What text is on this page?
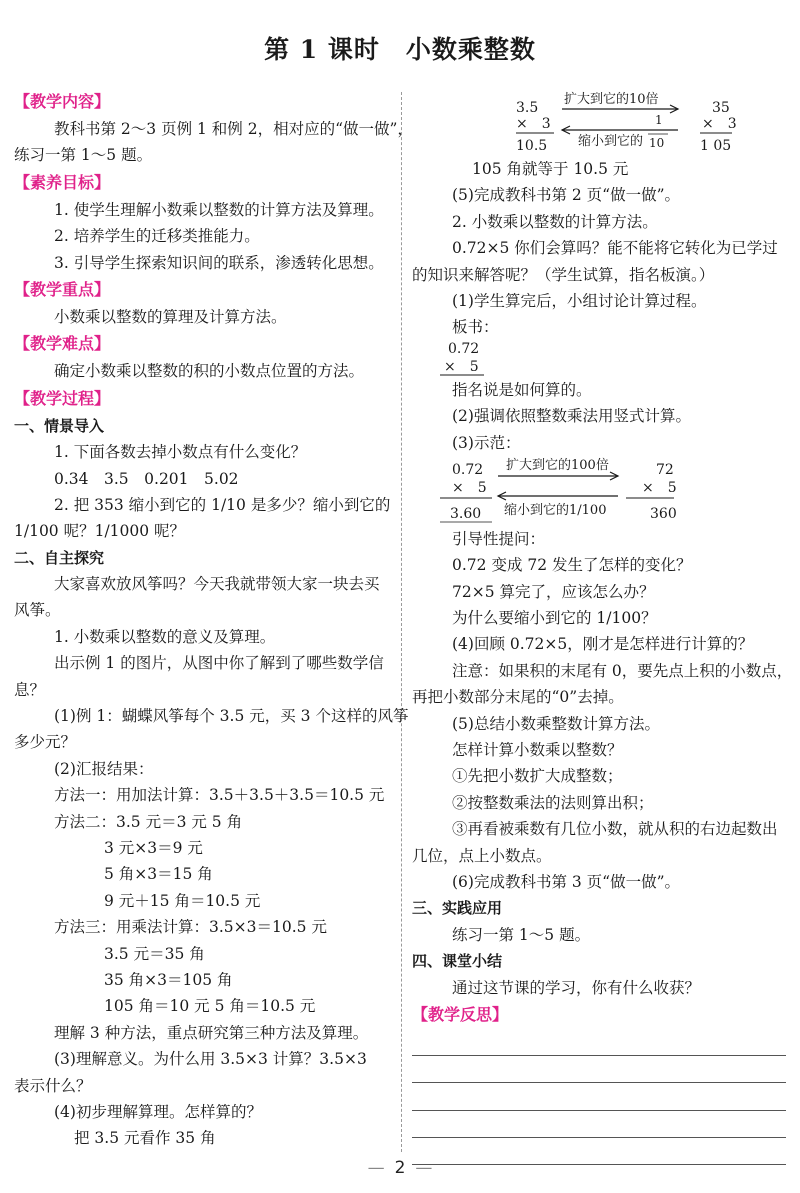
第 1 课时　小数乘整数
【教学内容】
教科书第 2～3 页例 1 和例 2，相对应的“做一做”，
练习一第 1～5 题。
【素养目标】
1. 使学生理解小数乘以整数的计算方法及算理。
2. 培养学生的迁移类推能力。
3. 引导学生探索知识间的联系，渗透转化思想。
【教学重点】
小数乘以整数的算理及计算方法。
【教学难点】
确定小数乘以整数的积的小数点位置的方法。
【教学过程】
一、情景导入
1. 下面各数去掉小数点有什么变化？
0.34　3.5　0.201　5.02
2. 把 353 缩小到它的 1/10 是多少？缩小到它的
1/100 呢？1/1000 呢？
二、自主探究
大家喜欢放风筝吗？今天我就带领大家一块去买
风筝。
1. 小数乘以整数的意义及算理。
出示例 1 的图片，从图中你了解到了哪些数学信
息？
(1)例 1：蝴蝶风筝每个 3.5 元，买 3 个这样的风筝
多少元？
(2)汇报结果：
方法一：用加法计算：3.5＋3.5＋3.5＝10.5 元
方法二：3.5 元＝3 元 5 角
3 元×3＝9 元
5 角×3＝15 角
9 元＋15 角＝10.5 元
方法三：用乘法计算：3.5×3＝10.5 元
3.5 元＝35 角
35 角×3＝105 角
105 角＝10 元 5 角＝10.5 元
理解 3 种方法，重点研究第三种方法及算理。
(3)理解意义。为什么用 3.5×3 计算？3.5×3
表示什么？
(4)初步理解算理。怎样算的？
把 3.5 元看作 35 角
3.5
×　3
10.5
扩大到它的10倍
缩小到它的
1
10
35
×　3
1 05
105 角就等于 10.5 元
(5)完成教科书第 2 页“做一做”。
2. 小数乘以整数的计算方法。
0.72×5 你们会算吗？能不能将它转化为已学过
的知识来解答呢？（学生试算，指名板演。）
(1)学生算完后，小组讨论计算过程。
板书：
0.72
×　5
指名说是如何算的。
(2)强调依照整数乘法用竖式计算。
(3)示范：
0.72
×　5
3.60
扩大到它的100倍
缩小到它的1/100
72
×　5
360
引导性提问：
0.72 变成 72 发生了怎样的变化？
72×5 算完了，应该怎么办？
为什么要缩小到它的 1/100？
(4)回顾 0.72×5，刚才是怎样进行计算的？
注意：如果积的末尾有 0，要先点上积的小数点，
再把小数部分末尾的“0”去掉。
(5)总结小数乘整数计算方法。
怎样计算小数乘以整数？
①先把小数扩大成整数；
②按整数乘法的法则算出积；
③再看被乘数有几位小数，就从积的右边起数出
几位，点上小数点。
(6)完成教科书第 3 页“做一做”。
三、实践应用
练习一第 1～5 题。
四、课堂小结
通过这节课的学习，你有什么收获？
【教学反思】
— 2 —
